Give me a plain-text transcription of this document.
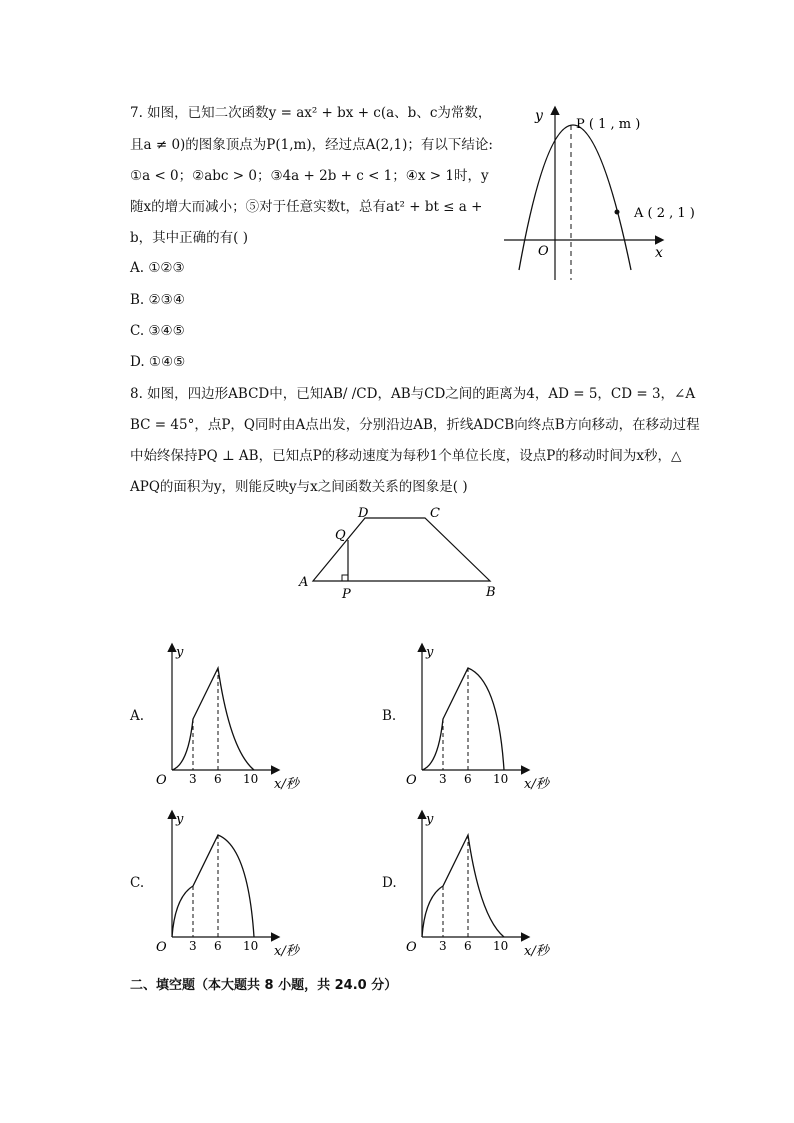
7. 如图，已知二次函数y = ax² + bx + c(a、b、c为常数，
且a ≠ 0)的图象顶点为P(1,m)，经过点A(2,1)；有以下结论:
①a < 0；②abc > 0；③4a + 2b + c < 1；④x > 1时，y
随x的增大而减小；⑤对于任意实数t，总有at² + bt ≤ a +
b，其中正确的有( )
A. ①②③
B. ②③④
C. ③④⑤
D. ①④⑤
y
x
O
P ( 1 , m )
A ( 2 , 1 )
8. 如图，四边形ABCD中，已知AB/ /CD，AB与CD之间的距离为4，AD = 5，CD = 3，∠A
BC = 45°，点P，Q同时由A点出发，分别沿边AB，折线ADCB向终点B方向移动，在移动过程
中始终保持PQ ⊥ AB，已知点P的移动速度为每秒1个单位长度，设点P的移动时间为x秒，△
APQ的面积为y，则能反映y与x之间函数关系的图象是( )
A
B
C
D
P
Q
A.	B.
C.	D.
y
O 3 6 10 x/秒
y
O 3 6 10 x/秒
y
O 3 6 10 x/秒
y
O 3 6 10 x/秒
二、填空题（本大题共 8 小题，共 24.0 分）
